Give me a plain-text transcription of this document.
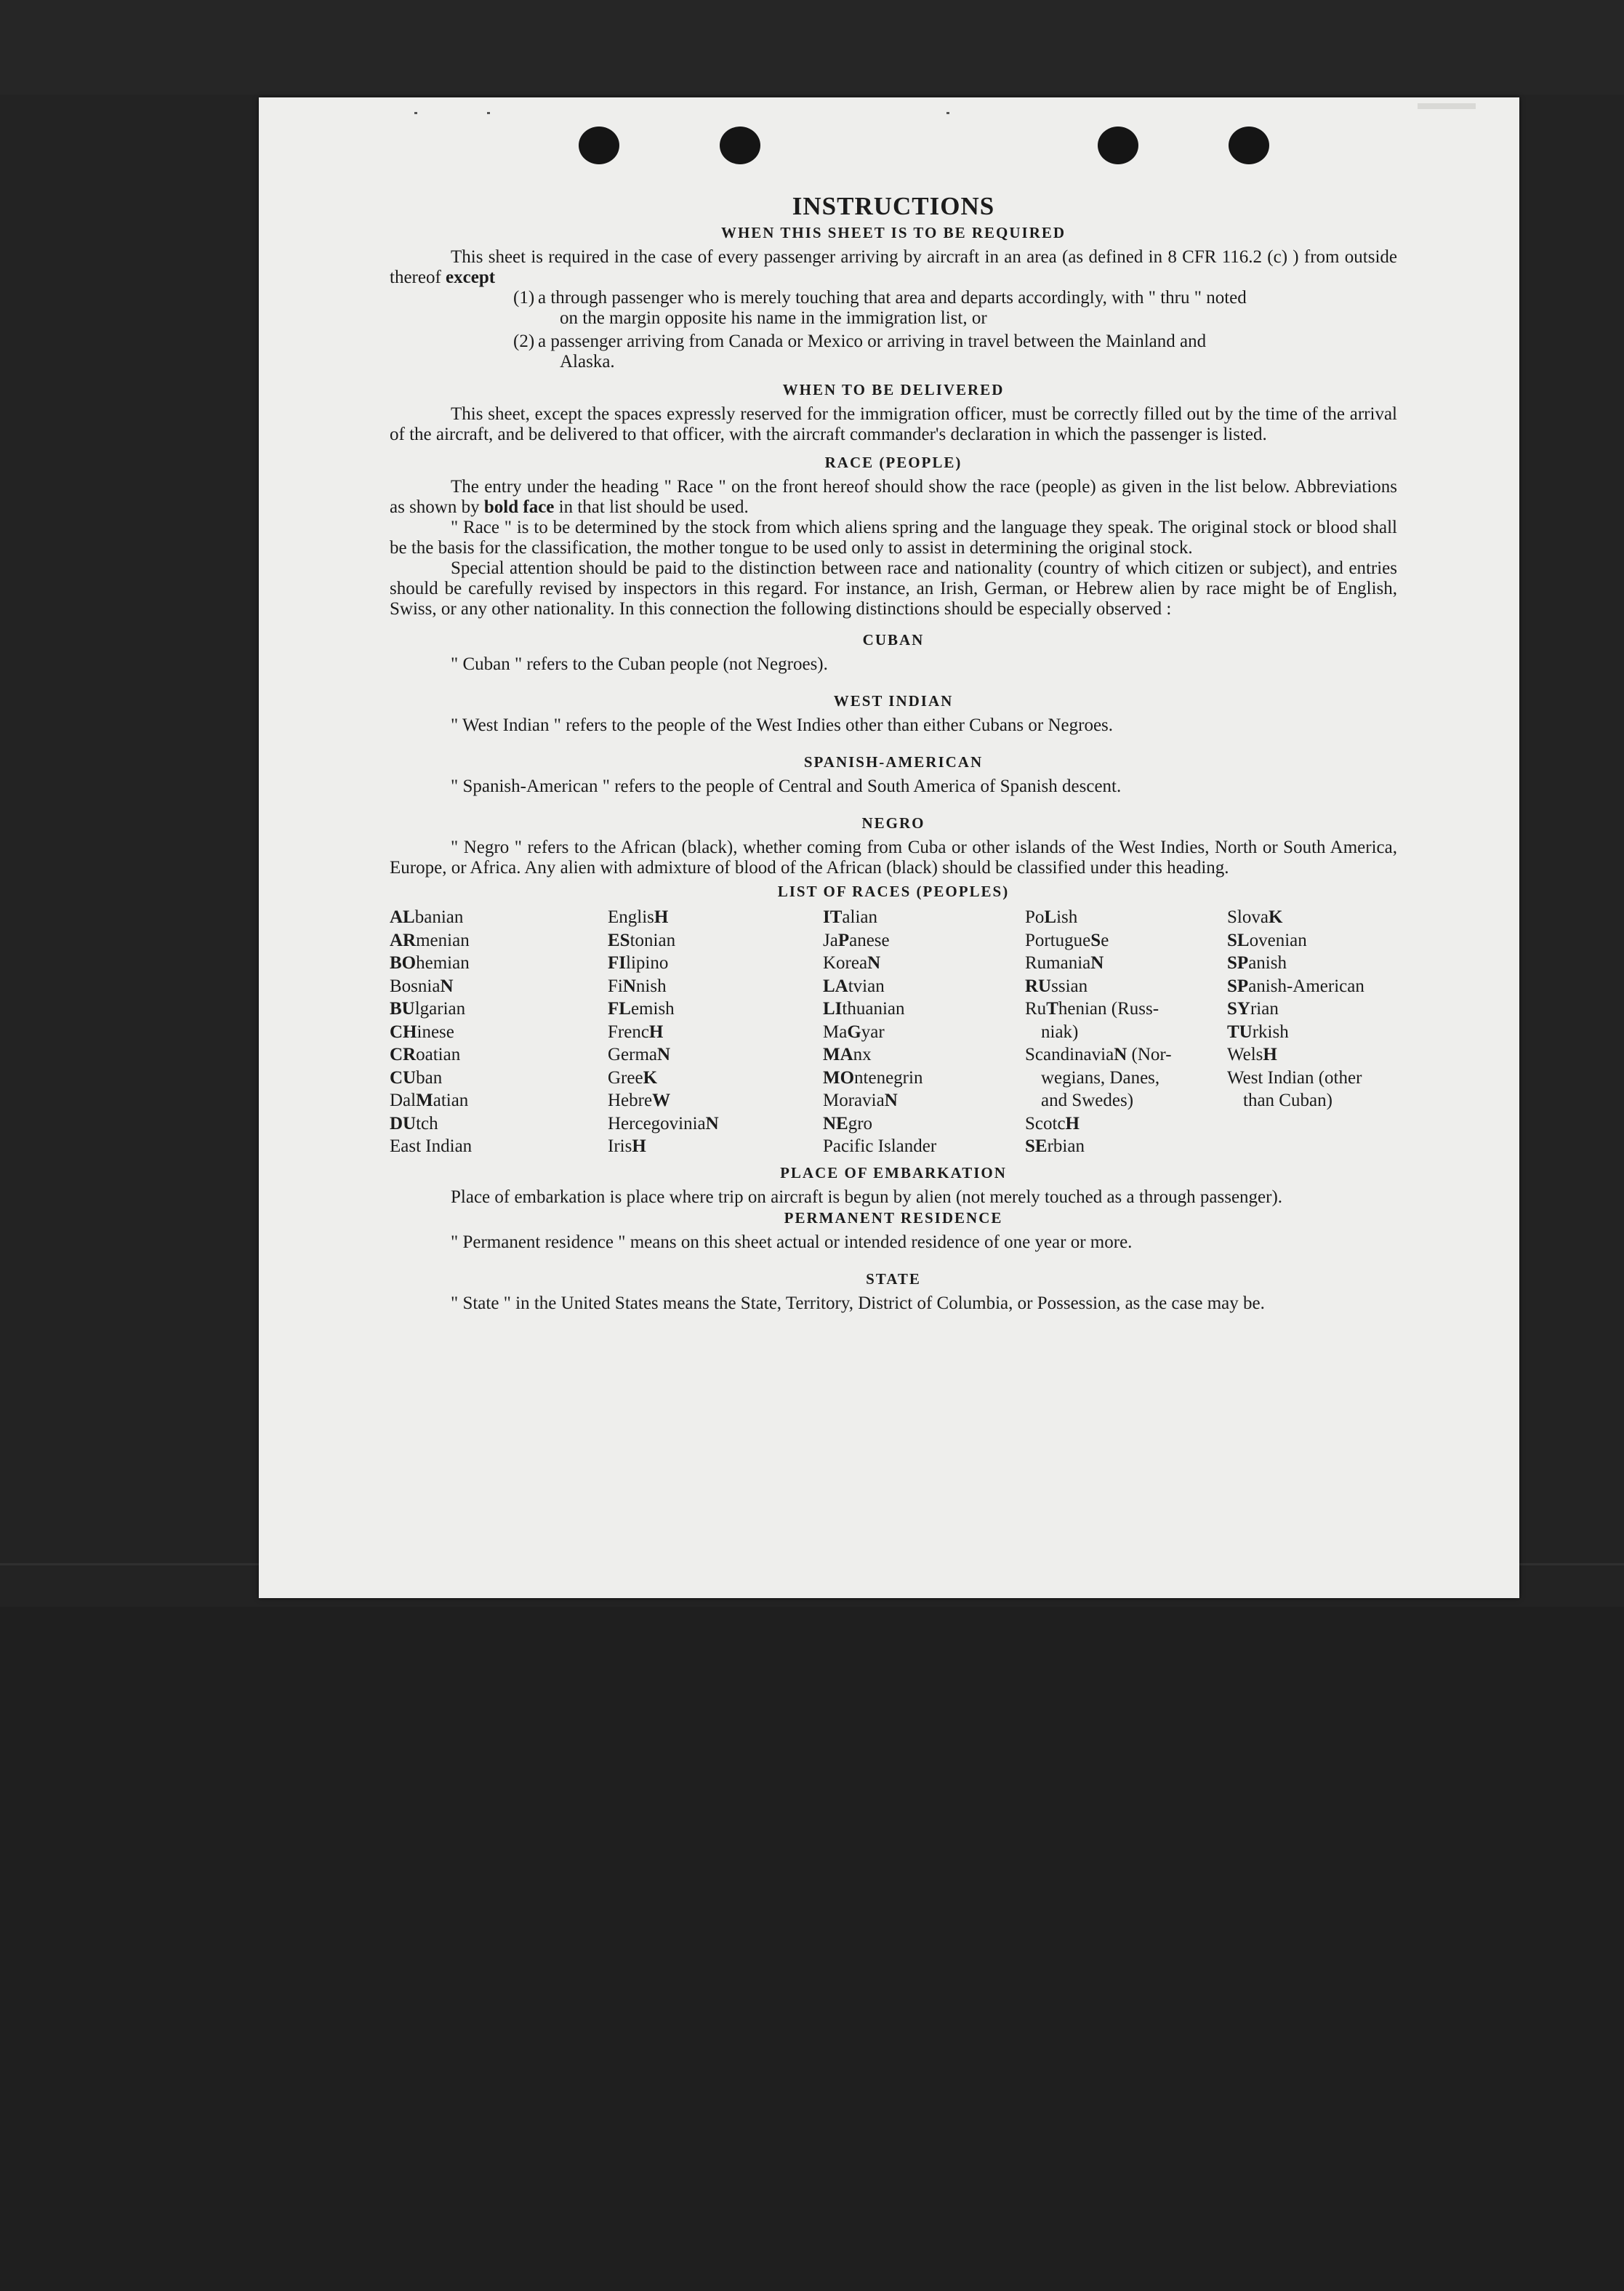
INSTRUCTIONS
WHEN THIS SHEET IS TO BE REQUIRED

This sheet is required in the case of every passenger arriving by aircraft in an area (as defined in 8 CFR 116.2 (c) ) from outside thereof except

(1) a through passenger who is merely touching that area and departs accordingly, with " thru " noted
on the margin opposite his name in the immigration list, or
(2) a passenger arriving from Canada or Mexico or arriving in travel between the Mainland and
Alaska.
WHEN TO BE DELIVERED

This sheet, except the spaces expressly reserved for the immigration officer, must be correctly filled out by the time of the arrival of the aircraft, and be delivered to that officer, with the aircraft commander's declaration in which the passenger is listed.

RACE (PEOPLE)

The entry under the heading " Race " on the front hereof should show the race (people) as given in the list below. Abbreviations as shown by bold face in that list should be used.

" Race " is to be determined by the stock from which aliens spring and the language they speak. The original stock or blood shall be the basis for the classification, the mother tongue to be used only to assist in determining the original stock.

Special attention should be paid to the distinction between race and nationality (country of which citizen or subject), and entries should be carefully revised by inspectors in this regard. For instance, an Irish, German, or Hebrew alien by race might be of English, Swiss, or any other nationality. In this connection the following distinctions should be especially observed :

CUBAN

" Cuban " refers to the Cuban people (not Negroes).

WEST INDIAN

" West Indian " refers to the people of the West Indies other than either Cubans or Negroes.

SPANISH-AMERICAN

" Spanish-American " refers to the people of Central and South America of Spanish descent.

NEGRO

" Negro " refers to the African (black), whether coming from Cuba or other islands of the West Indies, North or South America, Europe, or Africa. Any alien with admixture of blood of the African (black) should be classified under this heading.

LIST OF RACES (PEOPLES)
ALbanian
ARmenian
BOhemian
BosniaN
BUlgarian
CHinese
CRoatian
CUban
DalMatian
DUtch
East Indian
EnglisH
EStonian
FIlipino
FiNnish
FLemish
FrencH
GermaN
GreeK
HebreW
HercegoviniaN
IrisH
ITalian
JaPanese
KoreaN
LAtvian
LIthuanian
MaGyar
MAnx
MOntenegrin
MoraviaN
NEgro
Pacific Islander
PoLish
PortugueSe
RumaniaN
RUssian
RuThenian (Russ-
niak)
ScandinaviaN (Nor-
wegians, Danes,
and Swedes)
ScotcH
SErbian
SlovaK
SLovenian
SPanish
SPanish-American
SYrian
TUrkish
WelsH
West Indian (other
than Cuban)
PLACE OF EMBARKATION

Place of embarkation is place where trip on aircraft is begun by alien (not merely touched as a through passenger).

PERMANENT RESIDENCE

" Permanent residence " means on this sheet actual or intended residence of one year or more.

STATE

" State " in the United States means the State, Territory, District of Columbia, or Possession, as the case may be.
